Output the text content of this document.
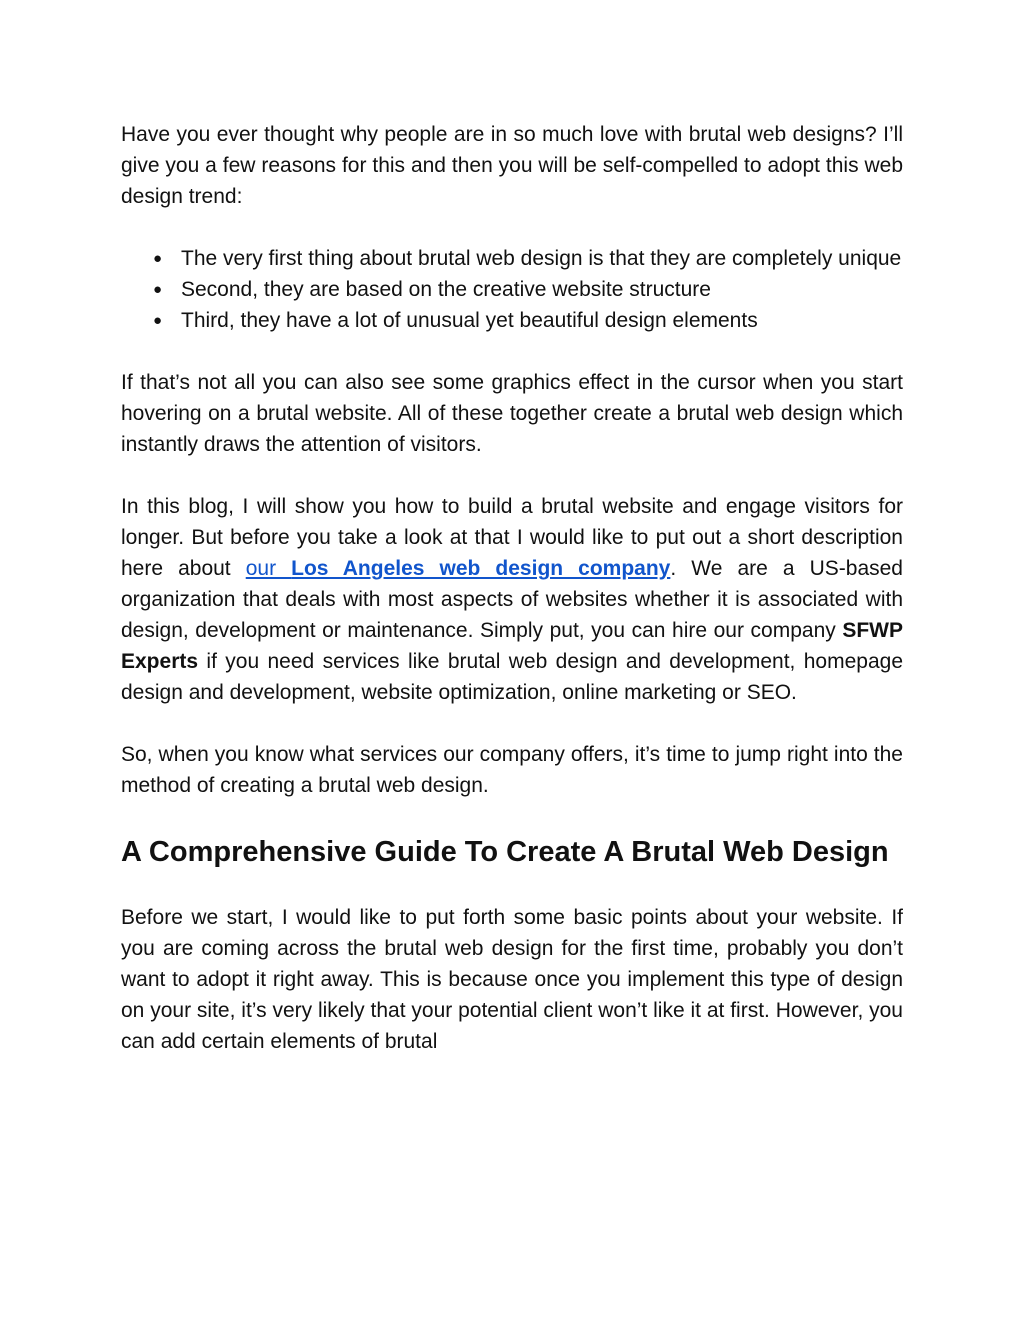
Have you ever thought why people are in so much love with brutal web designs? I’ll give you a few reasons for this and then you will be self-compelled to adopt this web design trend:

● The very first thing about brutal web design is that they are completely unique
● Second, they are based on the creative website structure
● Third, they have a lot of unusual yet beautiful design elements

If that’s not all you can also see some graphics effect in the cursor when you start hovering on a brutal website. All of these together create a brutal web design which instantly draws the attention of visitors.

In this blog, I will show you how to build a brutal website and engage visitors for longer. But before you take a look at that I would like to put out a short description here about our Los Angeles web design company. We are a US-based organization that deals with most aspects of websites whether it is associated with design, development or maintenance. Simply put, you can hire our company SFWP Experts if you need services like brutal web design and development, homepage design and development, website optimization, online marketing or SEO.

So, when you know what services our company offers, it’s time to jump right into the method of creating a brutal web design.

A Comprehensive Guide To Create A Brutal Web Design

Before we start, I would like to put forth some basic points about your website. If you are coming across the brutal web design for the first time, probably you don’t want to adopt it right away. This is because once you implement this type of design on your site, it’s very likely that your potential client won’t like it at first. However, you can add certain elements of brutal
